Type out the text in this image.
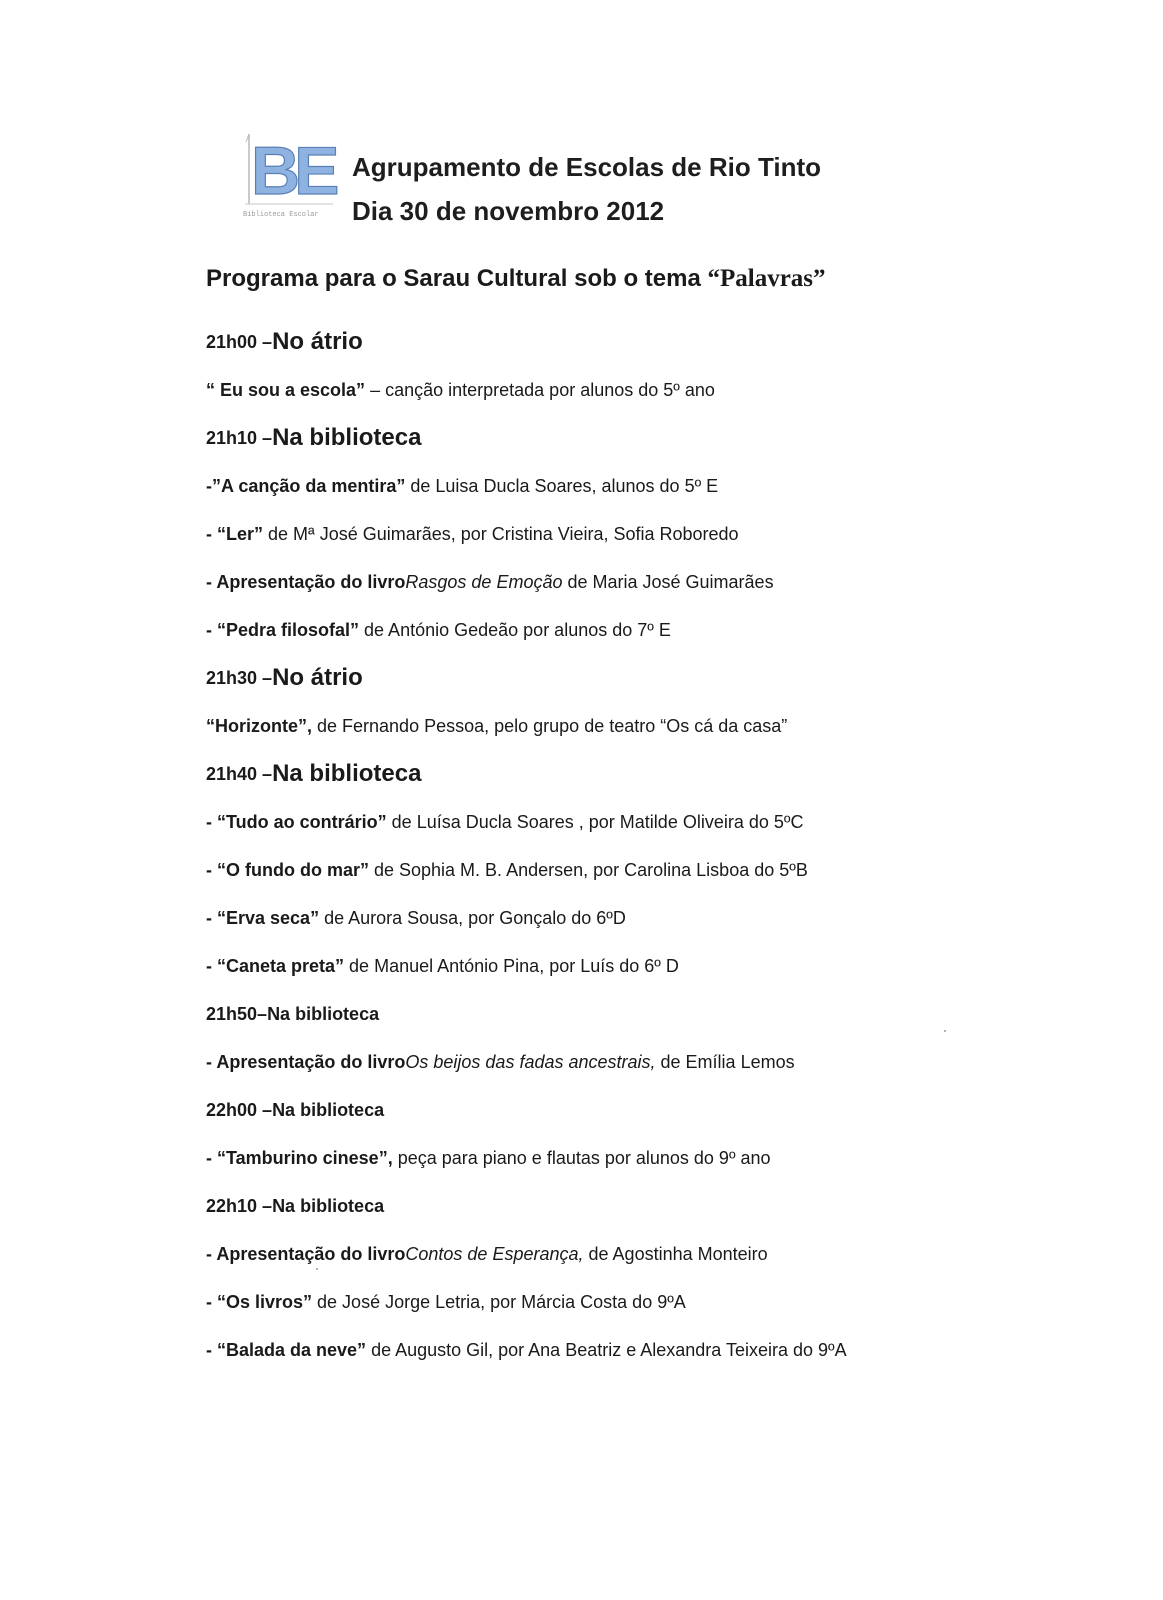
BE
Biblioteca Escolar
Agrupamento de Escolas de Rio Tinto
Dia 30 de novembro 2012
Programa para o Sarau Cultural sob o tema “Palavras”
21h00 – No átrio
“ Eu sou a escola” – canção interpretada por alunos do 5º ano
21h10 – Na biblioteca
-”A canção da mentira” de Luisa Ducla Soares, alunos do 5º E
- “Ler” de Mª José Guimarães, por Cristina Vieira, Sofia Roboredo
- Apresentação do livro Rasgos de Emoção de Maria José Guimarães
- “Pedra filosofal” de António Gedeão por alunos do 7º E
21h30 – No átrio
“Horizonte”, de Fernando Pessoa, pelo grupo de teatro “Os cá da casa”
21h40 – Na biblioteca
- “Tudo ao contrário” de Luísa Ducla Soares , por Matilde Oliveira do 5ºC
- “O fundo do mar” de Sophia M. B. Andersen, por Carolina Lisboa do 5ºB
- “Erva seca” de Aurora Sousa, por Gonçalo do 6ºD
- “Caneta preta” de Manuel António Pina, por Luís do 6º D
21h50– Na biblioteca
- Apresentação do livro Os beijos das fadas ancestrais, de Emília Lemos
22h00 – Na biblioteca
- “Tamburino cinese”, peça para piano e flautas por alunos do 9º ano
22h10 – Na biblioteca
- Apresentação do livro Contos de Esperança, de Agostinha Monteiro
- “Os livros” de José Jorge Letria, por Márcia Costa do 9ºA
- “Balada da neve” de Augusto Gil, por Ana Beatriz e Alexandra Teixeira do 9ºA
